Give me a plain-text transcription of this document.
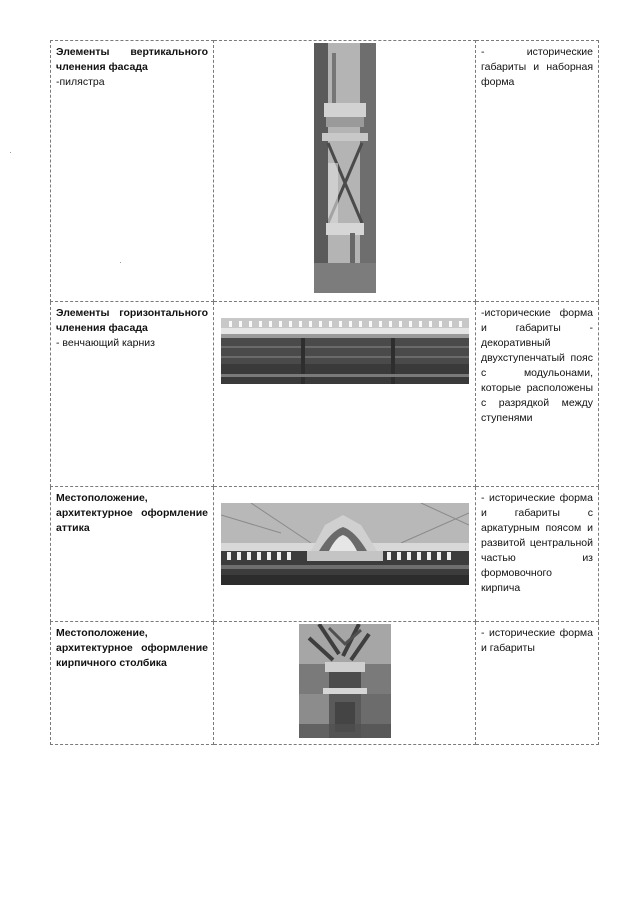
Элементы вертикального членения фасада
-пилястра		- исторические габариты и наборная форма

Элементы горизонтального членения фасада
- венчающий карниз		-исторические форма и габариты - декоративный двухступенчатый пояс с модульонами, которые расположены с разрядкой между ступенями

Местоположение, архитектурное оформление аттика		- исторические форма и габариты с аркатурным поясом и развитой центральной частью из формовочного кирпича

Местоположение, архитектурное оформление кирпичного столбика		- исторические форма и габариты
